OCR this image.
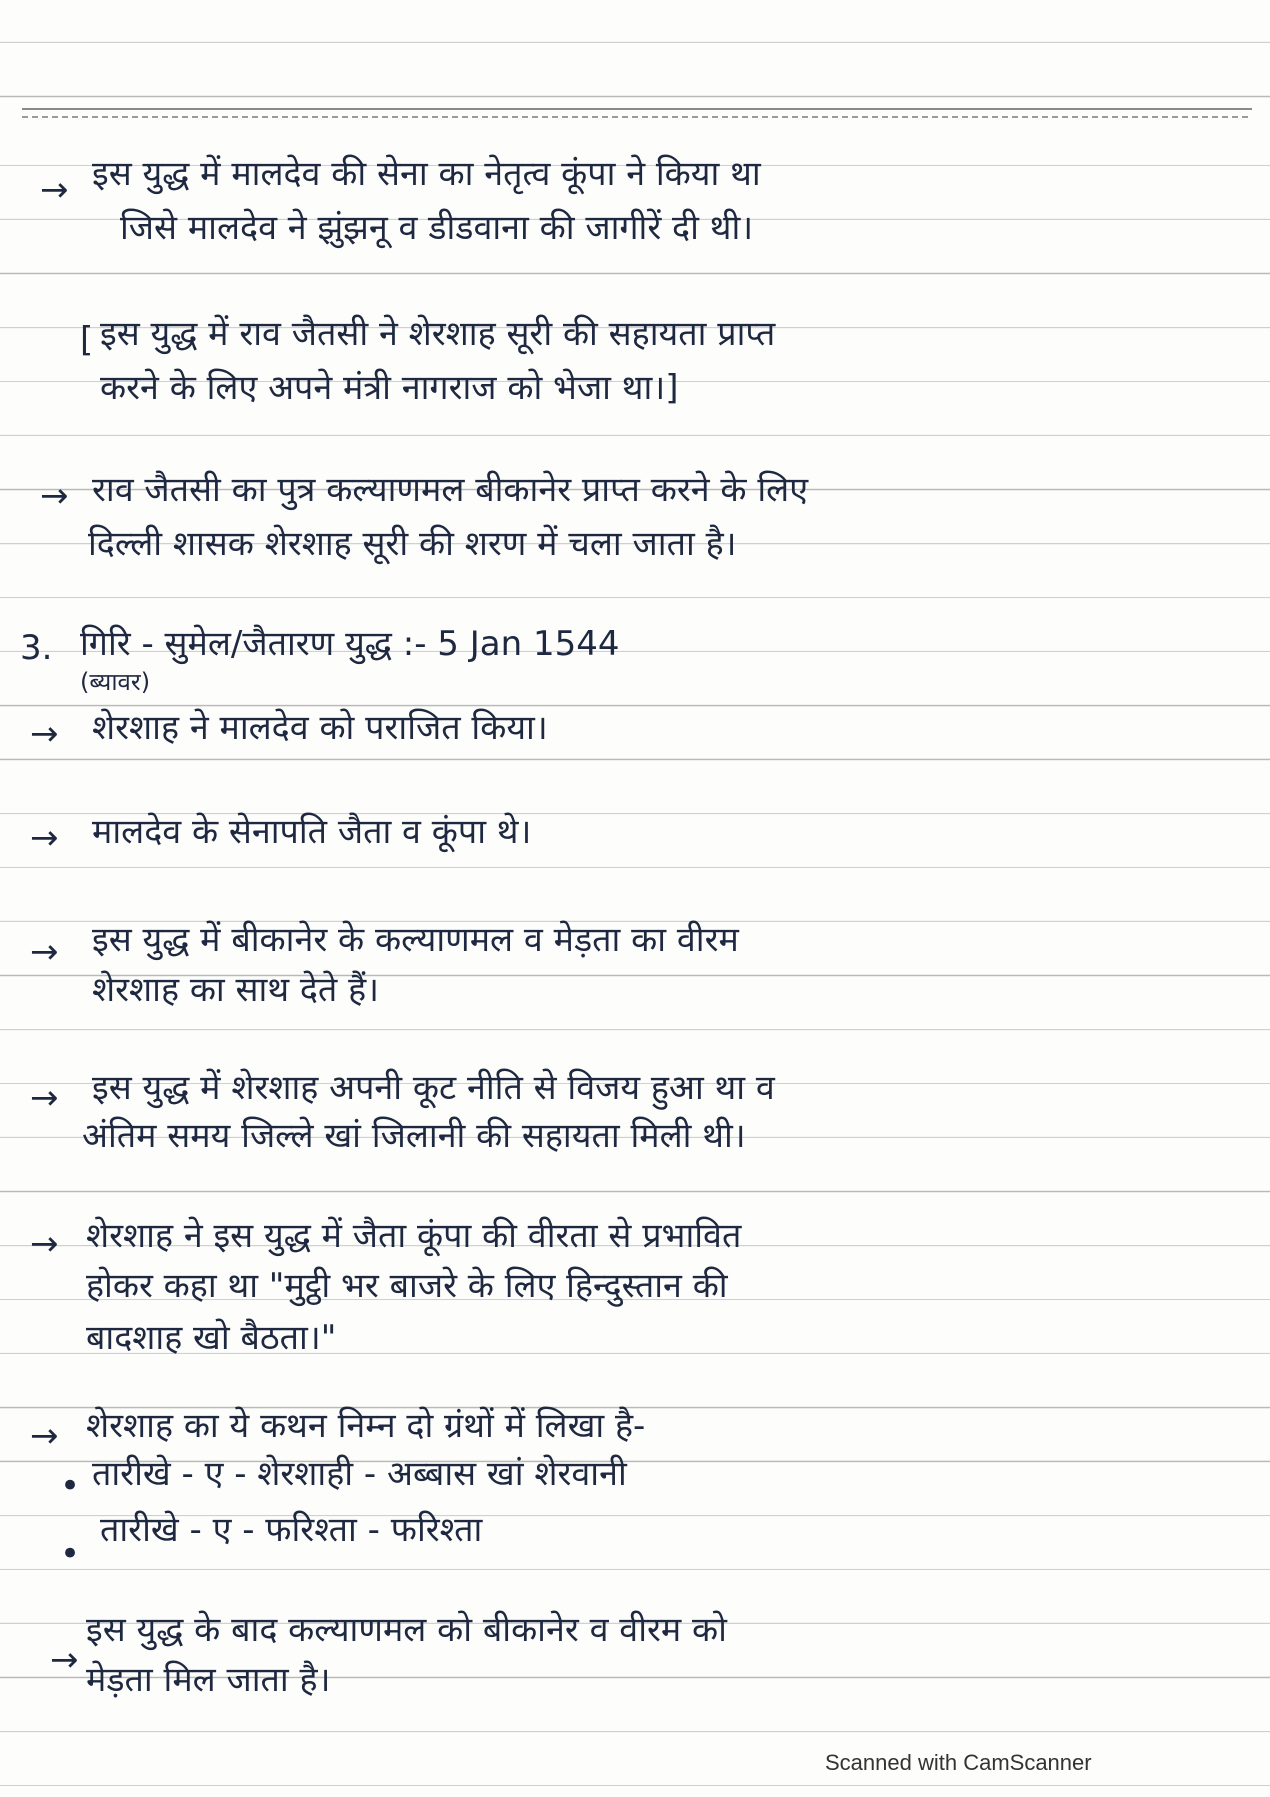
→ इस युद्ध में मालदेव की सेना का नेतृत्व कूंपा ने किया था
जिसे मालदेव ने झुंझनू व डीडवाना की जागीरें दी थी।
[ इस युद्ध में राव जैतसी ने शेरशाह सूरी की सहायता प्राप्त
करने के लिए अपने मंत्री नागराज को भेजा था।]
→ राव जैतसी का पुत्र कल्याणमल बीकानेर प्राप्त करने के लिए
दिल्ली शासक शेरशाह सूरी की शरण में चला जाता है।
3. गिरि - सुमेल/जैतारण युद्ध :- 5 Jan 1544
(ब्यावर)
→ शेरशाह ने मालदेव को पराजित किया।
→ मालदेव के सेनापति जैता व कूंपा थे।
→ इस युद्ध में बीकानेर के कल्याणमल व मेड़ता का वीरम
शेरशाह का साथ देते हैं।
→ इस युद्ध में शेरशाह अपनी कूट नीति से विजय हुआ था व
अंतिम समय जिल्ले खां जिलानी की सहायता मिली थी।
→ शेरशाह ने इस युद्ध में जैता कूंपा की वीरता से प्रभावित
होकर कहा था "मुट्ठी भर बाजरे के लिए हिन्दुस्तान की
बादशाह खो बैठता।"
→ शेरशाह का ये कथन निम्न दो ग्रंथों में लिखा है-
• तारीखे - ए - शेरशाही - अब्बास खां शेरवानी
•
तारीखे - ए - फरिश्ता - फरिश्ता
→
इस युद्ध के बाद कल्याणमल को बीकानेर व वीरम को
मेड़ता मिल जाता है।
Scanned with CamScanner
